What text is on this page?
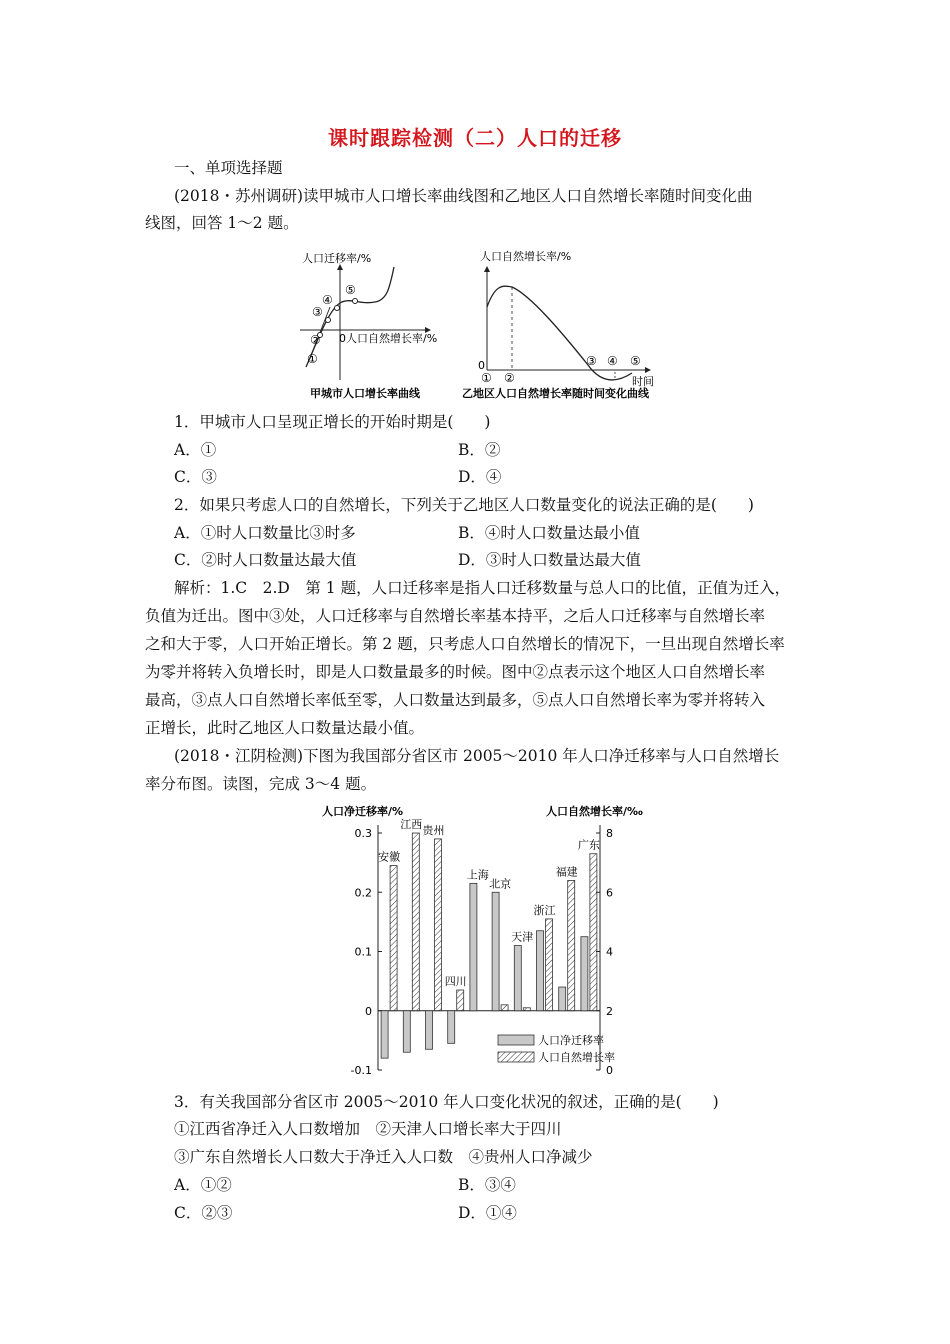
课时跟踪检测（二）人口的迁移
一、单项选择题
(2018・苏州调研)读甲城市人口增长率曲线图和乙地区人口自然增长率随时间变化曲
线图，回答 1～2 题。
人口迁移率/%
人口自然增长率/%
0
①
②
③
④
⑤
甲城市人口增长率曲线
人口自然增长率/%
0
时间
① ②
③ ④ ⑤
乙地区人口自然增长率随时间变化曲线
1．甲城市人口呈现正增长的开始时期是(　　)
A．①	B．②
C．③	D．④
2．如果只考虑人口的自然增长，下列关于乙地区人口数量变化的说法正确的是(　　)
A．①时人口数量比③时多	B．④时人口数量达最小值
C．②时人口数量达最大值	D．③时人口数量达最大值
解析：1.C　2.D　第 1 题，人口迁移率是指人口迁移数量与总人口的比值，正值为迁入，
负值为迁出。图中③处，人口迁移率与自然增长率基本持平，之后人口迁移率与自然增长率
之和大于零，人口开始正增长。第 2 题，只考虑人口自然增长的情况下，一旦出现自然增长率
为零并将转入负增长时，即是人口数量最多的时候。图中②点表示这个地区人口自然增长率
最高，③点人口自然增长率低至零，人口数量达到最多，⑤点人口自然增长率为零并将转入
正增长，此时乙地区人口数量达最小值。
(2018・江阴检测)下图为我国部分省区市 2005～2010 年人口净迁移率与人口自然增长
率分布图。读图，完成 3～4 题。
人口净迁移率/%	人口自然增长率/‰
-0.1
0
0.1
0.2
0.3
0
2
4
6
8
安徽
江西 贵州
四川
上海
北京
天津
浙江
福建
广东
人口净迁移率
人口自然增长率
3．有关我国部分省区市 2005～2010 年人口变化状况的叙述，正确的是(　　)
①江西省净迁入人口数增加　②天津人口增长率大于四川
③广东自然增长人口数大于净迁入人口数　④贵州人口净减少
A．①②	B．③④
C．②③	D．①④
